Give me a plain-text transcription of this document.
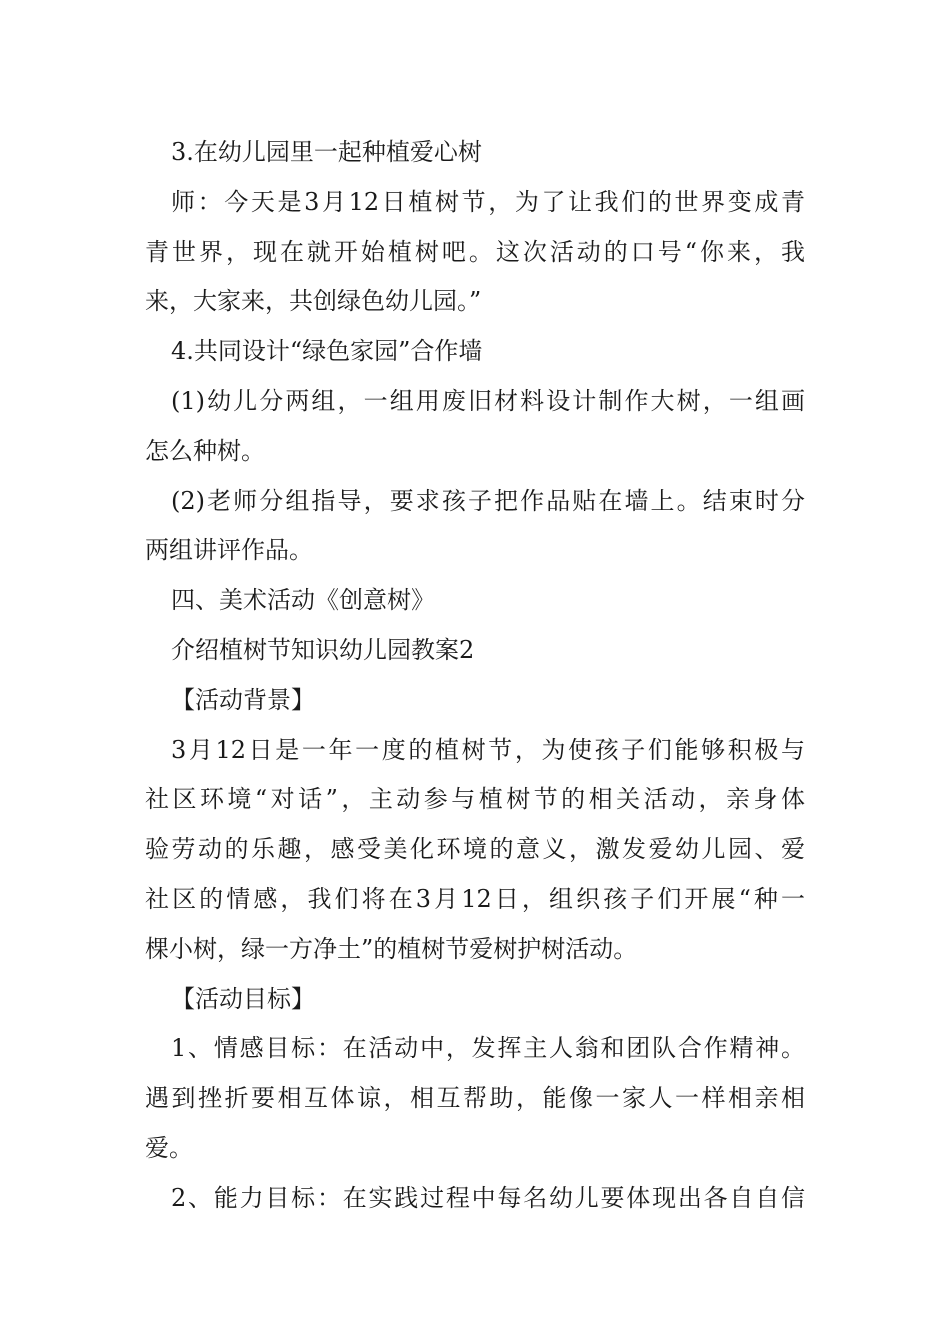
3.在幼儿园里一起种植爱心树
师：今天是3月12日植树节，为了让我们的世界变成青
青世界，现在就开始植树吧。这次活动的口号“你来，我
来，大家来，共创绿色幼儿园。”
4.共同设计“绿色家园”合作墙
(1)幼儿分两组，一组用废旧材料设计制作大树，一组画
怎么种树。
(2)老师分组指导，要求孩子把作品贴在墙上。结束时分
两组讲评作品。
四、美术活动《创意树》
介绍植树节知识幼儿园教案2
【活动背景】
3月12日是一年一度的植树节，为使孩子们能够积极与
社区环境“对话”，主动参与植树节的相关活动，亲身体
验劳动的乐趣，感受美化环境的意义，激发爱幼儿园、爱
社区的情感，我们将在3月12日，组织孩子们开展“种一
棵小树，绿一方净土”的植树节爱树护树活动。
【活动目标】
1、情感目标：在活动中，发挥主人翁和团队合作精神。
遇到挫折要相互体谅，相互帮助，能像一家人一样相亲相
爱。
2、能力目标：在实践过程中每名幼儿要体现出各自自信
